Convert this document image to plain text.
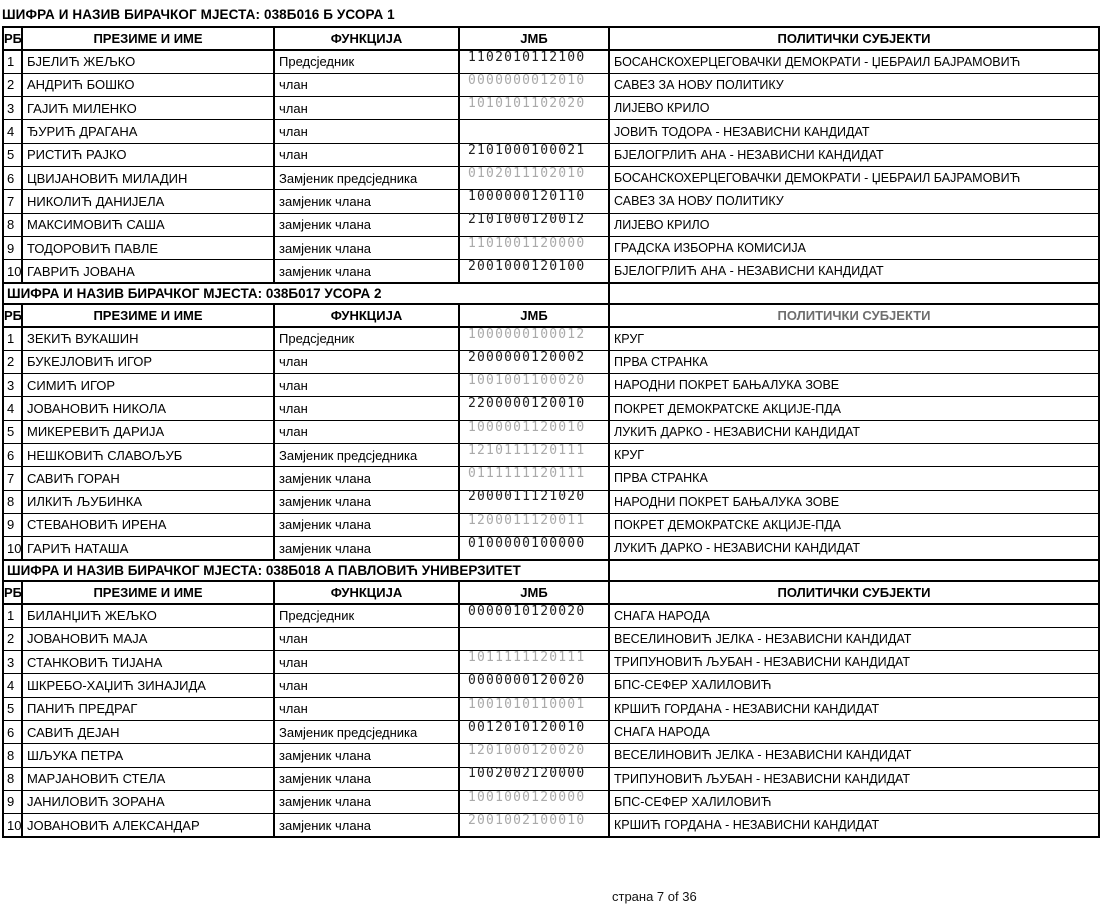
ШИФРА И НАЗИВ БИРАЧКОГ МЈЕСТА: 038Б016 Б УСОРА 1
РБ	ПРЕЗИМЕ И ИМЕ	ФУНКЦИЈА	ЈМБ	ПОЛИТИЧКИ СУБЈЕКТИ
1	БЈЕЛИЋ ЖЕЉКО	Предсједник	1102010112100	БОСАНСКОХЕРЦЕГОВАЧКИ ДЕМОКРАТИ - ЏЕБРАИЛ БАЈРАМОВИЋ
2	АНДРИЋ БОШКО	члан	0000000012010	САВЕЗ ЗА НОВУ ПОЛИТИКУ
3	ГАЈИЋ МИЛЕНКО	члан	1010101102020	ЛИЈЕВО КРИЛО
4	ЂУРИЋ ДРАГАНА	члан		ЈОВИЋ ТОДОРА - НЕЗАВИСНИ КАНДИДАТ
5	РИСТИЋ РАЈКО	члан	2101000100021	БЈЕЛОГРЛИЋ АНА - НЕЗАВИСНИ КАНДИДАТ
6	ЦВИЈАНОВИЋ МИЛАДИН	Замјеник предсједника	0102011102010	БОСАНСКОХЕРЦЕГОВАЧКИ ДЕМОКРАТИ - ЏЕБРАИЛ БАЈРАМОВИЋ
7	НИКОЛИЋ ДАНИЈЕЛА	замјеник члана	1000000120110	САВЕЗ ЗА НОВУ ПОЛИТИКУ
8	МАКСИМОВИЋ САША	замјеник члана	2101000120012	ЛИЈЕВО КРИЛО
9	ТОДОРОВИЋ ПАВЛЕ	замјеник члана	1101001120000	ГРАДСКА ИЗБОРНА КОМИСИЈА
10	ГАВРИЋ ЈОВАНА	замјеник члана	2001000120100	БЈЕЛОГРЛИЋ АНА - НЕЗАВИСНИ КАНДИДАТ
ШИФРА И НАЗИВ БИРАЧКОГ МЈЕСТА: 038Б017 УСОРА 2				
РБ	ПРЕЗИМЕ И ИМЕ	ФУНКЦИЈА	ЈМБ	ПОЛИТИЧКИ СУБЈЕКТИ
1	ЗЕКИЋ ВУКАШИН	Предсједник	1000000100012	КРУГ
2	БУКЕЈЛОВИЋ ИГОР	члан	2000000120002	ПРВА СТРАНКА
3	СИМИЋ ИГОР	члан	1001001100020	НАРОДНИ ПОКРЕТ БАЊАЛУКА ЗОВЕ
4	ЈОВАНОВИЋ НИКОЛА	члан	2200000120010	ПОКРЕТ ДЕМОКРАТСКЕ АКЦИЈЕ-ПДА
5	МИКЕРЕВИЋ ДАРИЈА	члан	1000001120010	ЛУКИЋ ДАРКО - НЕЗАВИСНИ КАНДИДАТ
6	НЕШКОВИЋ СЛАВОЉУБ	Замјеник предсједника	1210111120111	КРУГ
7	САВИЋ ГОРАН	замјеник члана	0111111120111	ПРВА СТРАНКА
8	ИЛКИЋ ЉУБИНКА	замјеник члана	2000011121020	НАРОДНИ ПОКРЕТ БАЊАЛУКА ЗОВЕ
9	СТЕВАНОВИЋ ИРЕНА	замјеник члана	1200011120011	ПОКРЕТ ДЕМОКРАТСКЕ АКЦИЈЕ-ПДА
10	ГАРИЋ НАТАША	замјеник члана	0100000100000	ЛУКИЋ ДАРКО - НЕЗАВИСНИ КАНДИДАТ
ШИФРА И НАЗИВ БИРАЧКОГ МЈЕСТА: 038Б018 А ПАВЛОВИЋ УНИВЕРЗИТЕТ				
РБ	ПРЕЗИМЕ И ИМЕ	ФУНКЦИЈА	ЈМБ	ПОЛИТИЧКИ СУБЈЕКТИ
1	БИЛАНЏИЋ ЖЕЉКО	Предсједник	0000010120020	СНАГА НАРОДА
2	ЈОВАНОВИЋ МАЈА	члан		ВЕСЕЛИНОВИЋ ЈЕЛКА - НЕЗАВИСНИ КАНДИДАТ
3	СТАНКОВИЋ ТИЈАНА	члан	1011111120111	ТРИПУНОВИЋ ЉУБАН - НЕЗАВИСНИ КАНДИДАТ
4	ШКРЕБО-ХАЏИЋ ЗИНАЈИДА	члан	0000000120020	БПС-СЕФЕР ХАЛИЛОВИЋ
5	ПАНИЋ ПРЕДРАГ	члан	1001010110001	КРШИЋ ГОРДАНА - НЕЗАВИСНИ КАНДИДАТ
6	САВИЋ ДЕЈАН	Замјеник предсједника	0012010120010	СНАГА НАРОДА
8	ШЉУКА ПЕТРА	замјеник члана	1201000120020	ВЕСЕЛИНОВИЋ ЈЕЛКА - НЕЗАВИСНИ КАНДИДАТ
8	МАРЈАНОВИЋ СТЕЛА	замјеник члана	1002002120000	ТРИПУНОВИЋ ЉУБАН - НЕЗАВИСНИ КАНДИДАТ
9	ЈАНИЛОВИЋ ЗОРАНА	замјеник члана	1001000120000	БПС-СЕФЕР ХАЛИЛОВИЋ
10	ЈОВАНОВИЋ АЛЕКСАНДАР	замјеник члана	2001002100010	КРШИЋ ГОРДАНА - НЕЗАВИСНИ КАНДИДАТ
страна 7 of 36
